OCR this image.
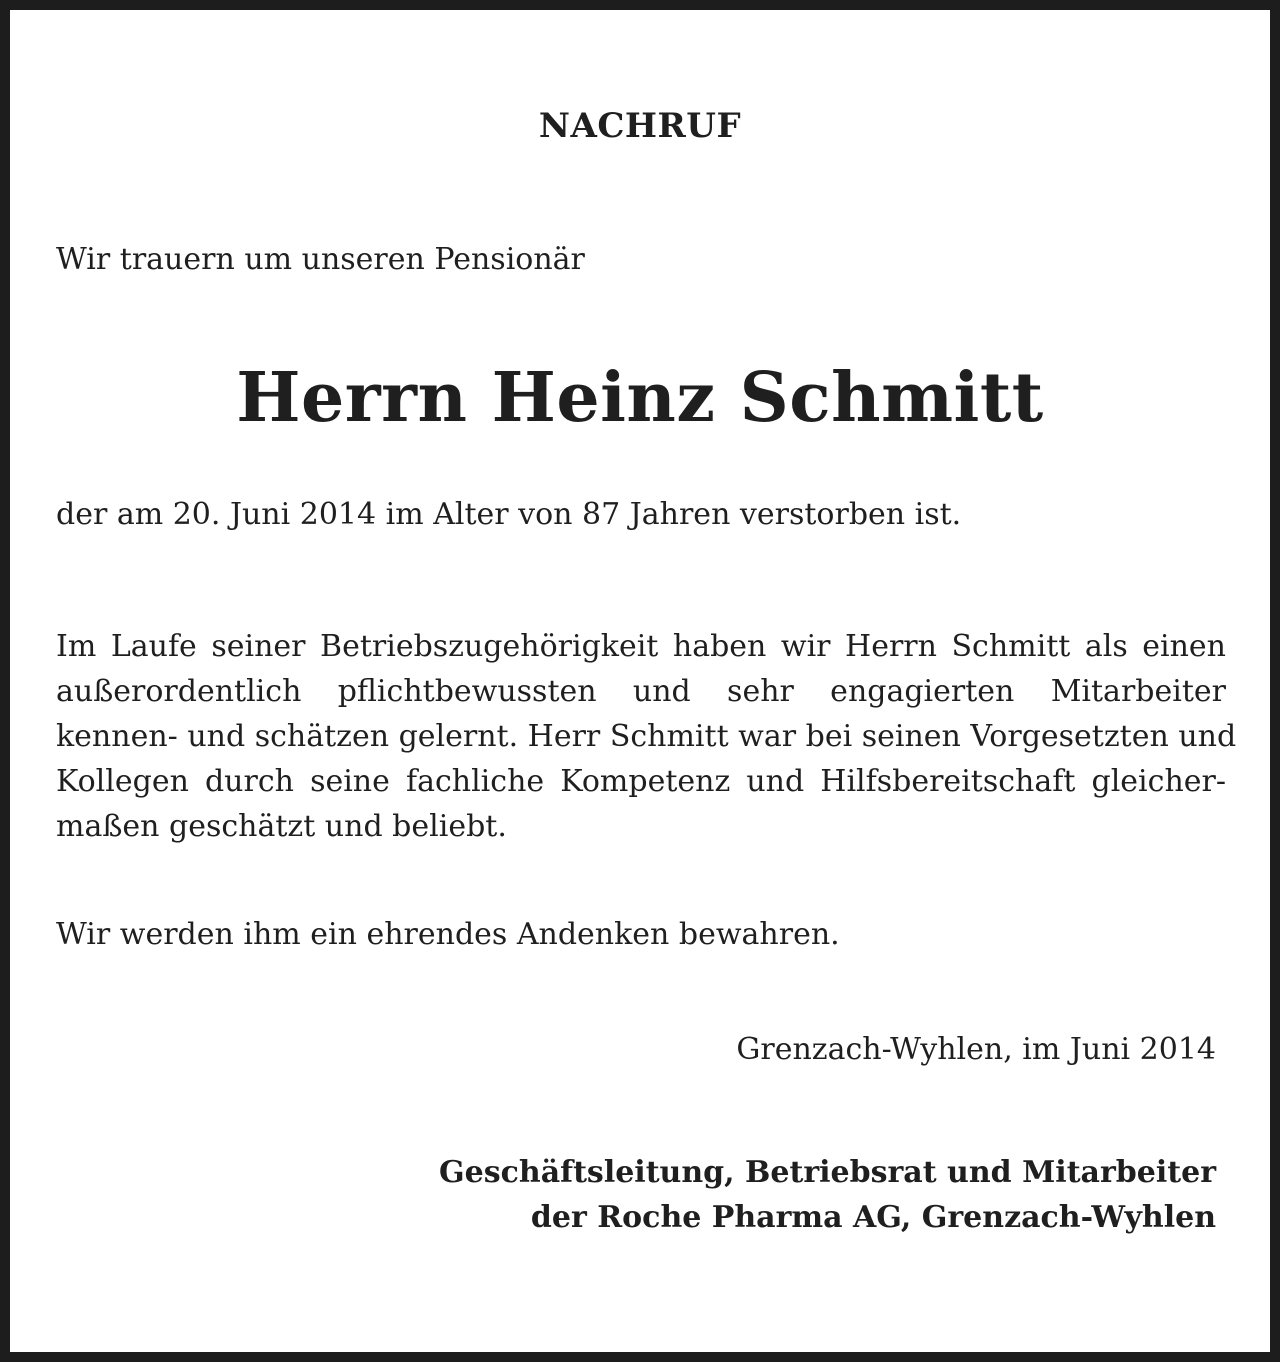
NACHRUF
Wir trauern um unseren Pensionär
Herrn Heinz Schmitt
der am 20. Juni 2014 im Alter von 87 Jahren verstorben ist.
Im Laufe seiner Betriebszugehörigkeit haben wir Herrn Schmitt als einen
außerordentlich pflichtbewussten und sehr engagierten Mitarbeiter
kennen- und schätzen gelernt. Herr Schmitt war bei seinen Vorgesetzten und
Kollegen durch seine fachliche Kompetenz und Hilfsbereitschaft gleicher-
maßen geschätzt und beliebt.
Wir werden ihm ein ehrendes Andenken bewahren.
Grenzach-Wyhlen, im Juni 2014
Geschäftsleitung, Betriebsrat und Mitarbeiter
der Roche Pharma AG, Grenzach-Wyhlen
